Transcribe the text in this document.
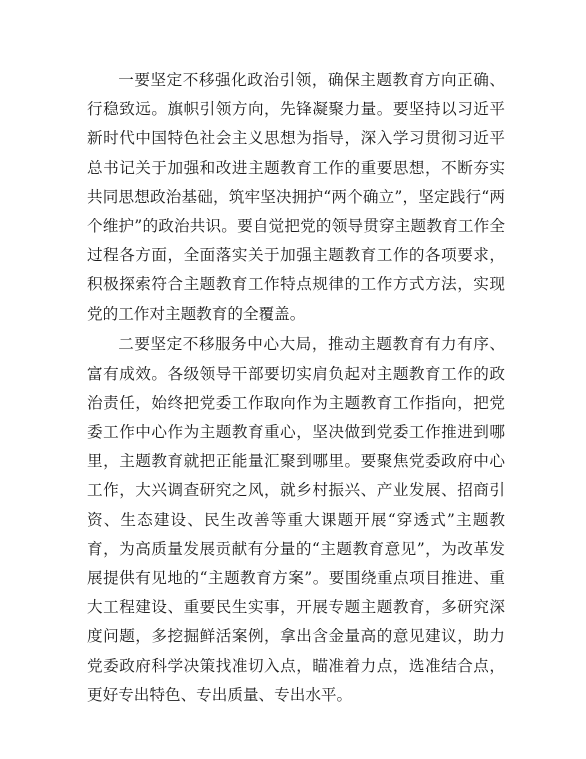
一要坚定不移强化政治引领，确保主题教育方向正确、行稳致远。旗帜引领方向，先锋凝聚力量。要坚持以习近平新时代中国特色社会主义思想为指导，深入学习贯彻习近平总书记关于加强和改进主题教育工作的重要思想，不断夯实共同思想政治基础，筑牢坚决拥护“两个确立”，坚定践行“两个维护”的政治共识。要自觉把党的领导贯穿主题教育工作全过程各方面，全面落实关于加强主题教育工作的各项要求，积极探索符合主题教育工作特点规律的工作方式方法，实现党的工作对主题教育的全覆盖。

二要坚定不移服务中心大局，推动主题教育有力有序、富有成效。各级领导干部要切实肩负起对主题教育工作的政治责任，始终把党委工作取向作为主题教育工作指向，把党委工作中心作为主题教育重心，坚决做到党委工作推进到哪里，主题教育就把正能量汇聚到哪里。要聚焦党委政府中心工作，大兴调查研究之风，就乡村振兴、产业发展、招商引资、生态建设、民生改善等重大课题开展“穿透式”主题教育，为高质量发展贡献有分量的“主题教育意见”，为改革发展提供有见地的“主题教育方案”。要围绕重点项目推进、重大工程建设、重要民生实事，开展专题主题教育，多研究深度问题，多挖掘鲜活案例，拿出含金量高的意见建议，助力党委政府科学决策找准切入点，瞄准着力点，选准结合点，更好专出特色、专出质量、专出水平。
